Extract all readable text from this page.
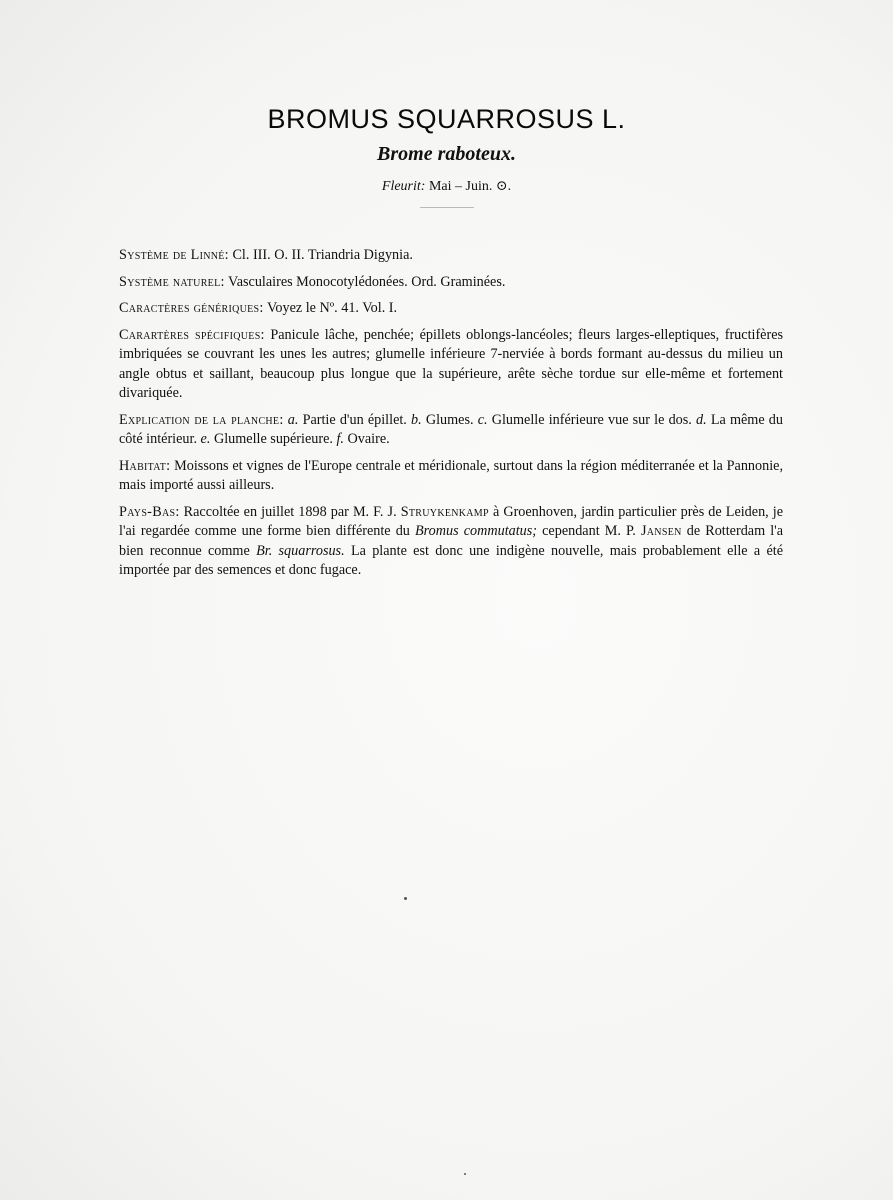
BROMUS SQUARROSUS L.
Brome raboteux.
Fleurit: Mai – Juin. ⊙.

Système de Linné: Cl. III. O. II. Triandria Digynia.

Système naturel: Vasculaires Monocotylédonées. Ord. Graminées.

Caractères génériques: Voyez le Nº. 41. Vol. I.

Carartères spécifiques: Panicule lâche, penchée; épillets oblongs-lancéoles; fleurs larges-elleptiques, fructifères imbriquées se couvrant les unes les autres; glumelle inférieure 7-nerviée à bords formant au-dessus du milieu un angle obtus et saillant, beaucoup plus longue que la supérieure, arête sèche tordue sur elle-même et fortement divariquée.

Explication de la planche: a. Partie d'un épillet. b. Glumes. c. Glumelle inférieure vue sur le dos. d. La même du côté intérieur. e. Glumelle supérieure. f. Ovaire.

Habitat: Moissons et vignes de l'Europe centrale et méridionale, surtout dans la région méditerranée et la Pannonie, mais importé aussi ailleurs.

Pays-Bas: Raccoltée en juillet 1898 par M. F. J. Struykenkamp à Groenhoven, jardin particulier près de Leiden, je l'ai regardée comme une forme bien différente du Bromus commutatus; cependant M. P. Jansen de Rotterdam l'a bien reconnue comme Br. squarrosus. La plante est donc une indigène nouvelle, mais probablement elle a été importée par des semences et donc fugace.
